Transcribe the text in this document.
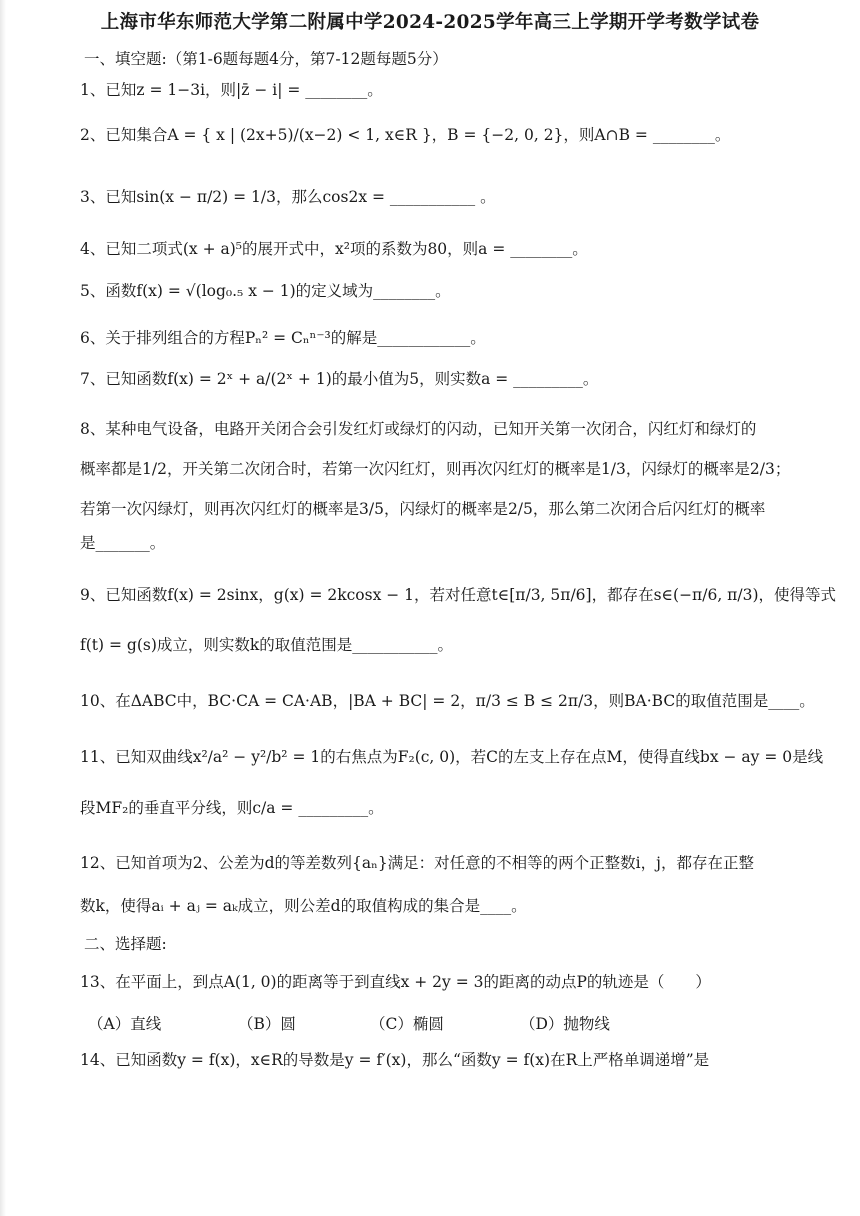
上海市华东师范大学第二附属中学2024-2025学年高三上学期开学考数学试卷
一、填空题:（第1-6题每题4分，第7-12题每题5分）
1、已知z = 1−3i，则|z̄ − i| = ________。
2、已知集合A = { x | (2x+5)/(x−2) < 1, x∈R }，B = {−2, 0, 2}，则A∩B = ________。
3、已知sin(x − π/2) = 1/3，那么cos2x = ___________ 。
4、已知二项式(x + a)⁵的展开式中，x²项的系数为80，则a = ________。
5、函数f(x) = √(log₀.₅ x − 1)的定义域为________。
6、关于排列组合的方程Pₙ² = Cₙⁿ⁻³的解是____________。
7、已知函数f(x) = 2ˣ + a/(2ˣ + 1)的最小值为5，则实数a = _________。
8、某种电气设备，电路开关闭合会引发红灯或绿灯的闪动，已知开关第一次闭合，闪红灯和绿灯的
概率都是1/2，开关第二次闭合时，若第一次闪红灯，则再次闪红灯的概率是1/3，闪绿灯的概率是2/3；
若第一次闪绿灯，则再次闪红灯的概率是3/5，闪绿灯的概率是2/5，那么第二次闭合后闪红灯的概率
是_______。
9、已知函数f(x) = 2sinx，g(x) = 2kcosx − 1，若对任意t∈[π/3, 5π/6]，都存在s∈(−π/6, π/3)，使得等式
f(t) = g(s)成立，则实数k的取值范围是___________。
10、在ΔABC中，BC·CA = CA·AB，|BA + BC| = 2，π/3 ≤ B ≤ 2π/3，则BA·BC的取值范围是____。
11、已知双曲线x²/a² − y²/b² = 1的右焦点为F₂(c, 0)，若C的左支上存在点M，使得直线bx − ay = 0是线
段MF₂的垂直平分线，则c/a = _________。
12、已知首项为2、公差为d的等差数列{aₙ}满足：对任意的不相等的两个正整数i，j，都存在正整
数k，使得aᵢ + aⱼ = aₖ成立，则公差d的取值构成的集合是____。
二、选择题:
13、在平面上，到点A(1, 0)的距离等于到直线x + 2y = 3的距离的动点P的轨迹是（　　）
（A）直线	（B）圆	（C）椭圆	（D）抛物线
14、已知函数y = f(x)，x∈R的导数是y = f′(x)，那么“函数y = f(x)在R上严格单调递增”是
